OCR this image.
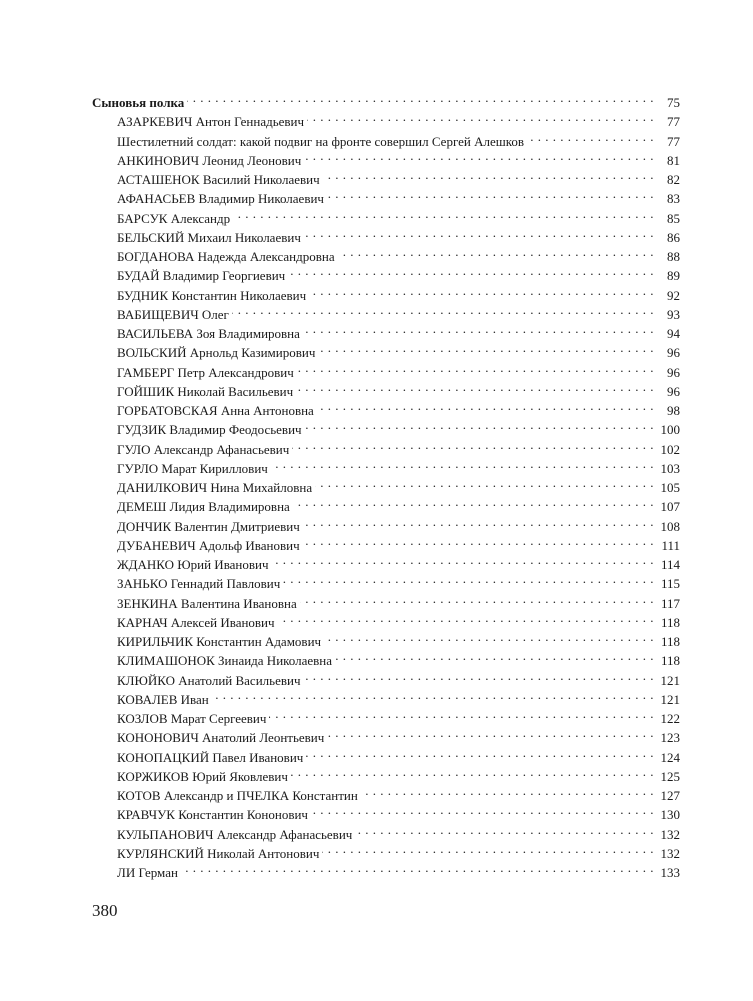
Сыновья полка . . .	75
АЗАРКЕВИЧ Антон Геннадьевич . . .	77
Шестилетний солдат: какой подвиг на фронте совершил Сергей Алешков . . .	77
АНКИНОВИЧ Леонид Леонович . . .	81
АСТАШЕНОК Василий Николаевич . . .	82
АФАНАСЬЕВ Владимир Николаевич . . .	83
БАРСУК Александр . . .	85
БЕЛЬСКИЙ Михаил Николаевич . . .	86
БОГДАНОВА Надежда Александровна . . .	88
БУДАЙ Владимир Георгиевич . . .	89
БУДНИК Константин Николаевич . . .	92
ВАБИЩЕВИЧ Олег . . .	93
ВАСИЛЬЕВА Зоя Владимировна . . .	94
ВОЛЬСКИЙ Арнольд Казимирович . . .	96
ГАМБЕРГ Петр Александрович . . .	96
ГОЙШИК Николай Васильевич . . .	96
ГОРБАТОВСКАЯ Анна Антоновна . . .	98
ГУДЗИК Владимир Феодосьевич . . .	100
ГУЛО Александр Афанасьевич . . .	102
ГУРЛО Марат Кириллович . . .	103
ДАНИЛКОВИЧ Нина Михайловна . . .	105
ДЕМЕШ Лидия Владимировна . . .	107
ДОНЧИК Валентин Дмитриевич . . .	108
ДУБАНЕВИЧ Адольф Иванович . . .	111
ЖДАНКО Юрий Иванович . . .	114
ЗАНЬКО Геннадий Павлович . . .	115
ЗЕНКИНА Валентина Ивановна . . .	117
КАРНАЧ Алексей Иванович . . .	118
КИРИЛЬЧИК Константин Адамович . . .	118
КЛИМАШОНОК Зинаида Николаевна . . .	118
КЛЮЙКО Анатолий Васильевич . . .	121
КОВАЛЕВ Иван . . .	121
КОЗЛОВ Марат Сергеевич . . .	122
КОНОНОВИЧ Анатолий Леонтьевич . . .	123
КОНОПАЦКИЙ Павел Иванович . . .	124
КОРЖИКОВ Юрий Яковлевич . . .	125
КОТОВ Александр и ПЧЕЛКА Константин . . .	127
КРАВЧУК Константин Кононович . . .	130
КУЛЬПАНОВИЧ Александр Афанасьевич . . .	132
КУРЛЯНСКИЙ Николай Антонович . . .	132
ЛИ Герман . . .	133
380
